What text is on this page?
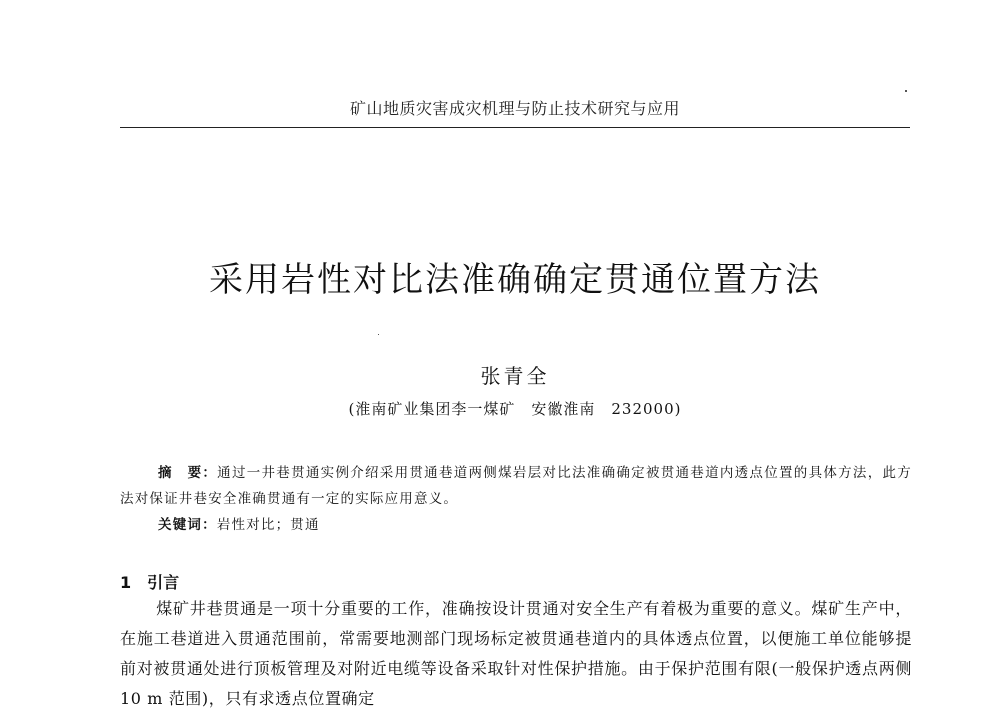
矿山地质灾害成灾机理与防止技术研究与应用
采用岩性对比法准确确定贯通位置方法
张青全
(淮南矿业集团李一煤矿　安徽淮南　232000)
摘　要：通过一井巷贯通实例介绍采用贯通巷道两侧煤岩层对比法准确确定被贯通巷道内透点位置的具体方法，此方法对保证井巷安全准确贯通有一定的实际应用意义。
关键词：岩性对比；贯通
1 引言
煤矿井巷贯通是一项十分重要的工作，准确按设计贯通对安全生产有着极为重要的意义。煤矿生产中，在施工巷道进入贯通范围前，常需要地测部门现场标定被贯通巷道内的具体透点位置，以便施工单位能够提前对被贯通处进行顶板管理及对附近电缆等设备采取针对性保护措施。由于保护范围有限(一般保护透点两侧 10 m 范围)，只有求透点位置确定
